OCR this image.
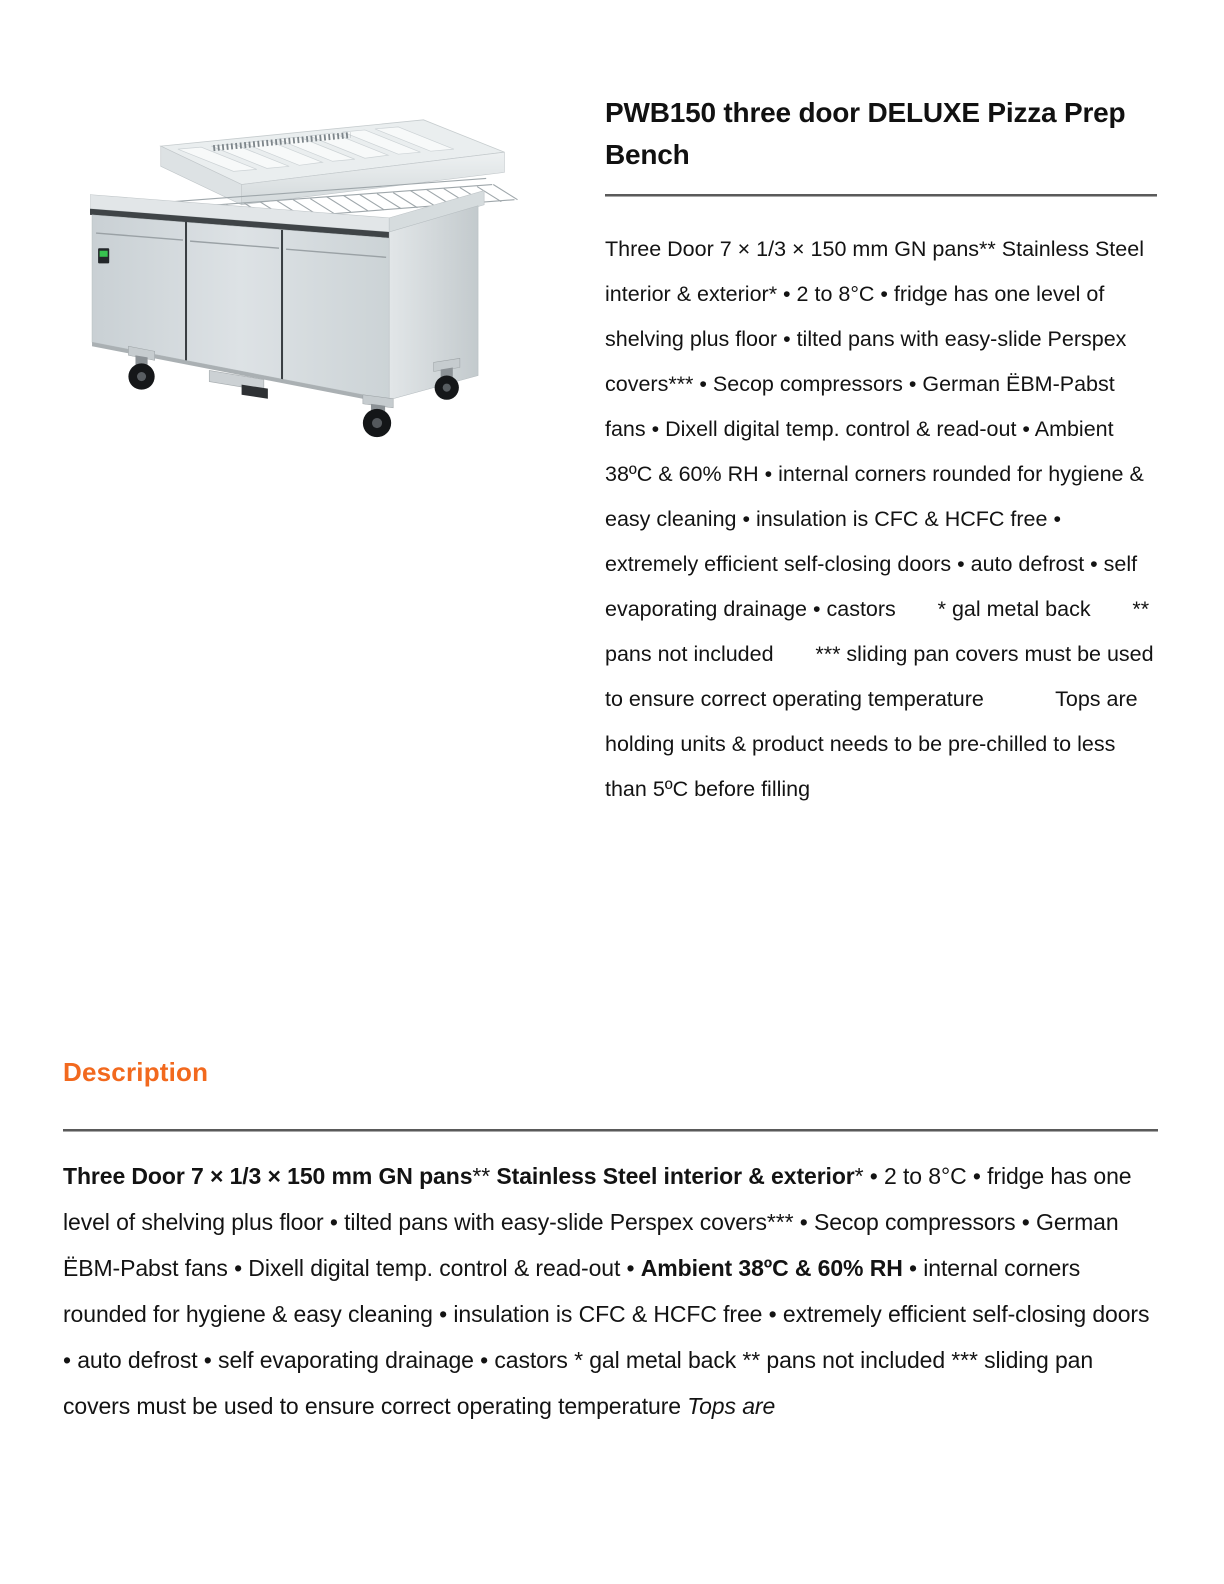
PWB150 three door DELUXE Pizza Prep Bench

Three Door 7 × 1/3 × 150 mm GN pans** Stainless Steel interior & exterior* • 2 to 8°C • fridge has one level of shelving plus floor • tilted pans with easy-slide Perspex covers*** • Secop compressors • German ËBM-Pabst fans • Dixell digital temp. control & read-out • Ambient 38ºC & 60% RH • internal corners rounded for hygiene & easy cleaning • insulation is CFC & HCFC free • extremely efficient self-closing doors • auto defrost • self evaporating drainage • castors       * gal metal back       ** pans not included       *** sliding pan covers must be used to ensure correct operating temperature            Tops are holding units & product needs to be pre-chilled to less than 5ºC before filling

Description

Three Door 7 × 1/3 × 150 mm GN pans** Stainless Steel interior & exterior* • 2 to 8°C • fridge has one level of shelving plus floor • tilted pans with easy-slide Perspex covers*** • Secop compressors • German ËBM-Pabst fans • Dixell digital temp. control & read-out • Ambient 38ºC & 60% RH • internal corners rounded for hygiene & easy cleaning • insulation is CFC & HCFC free • extremely efficient self-closing doors • auto defrost • self evaporating drainage • castors * gal metal back ** pans not included *** sliding pan covers must be used to ensure correct operating temperature Tops are
